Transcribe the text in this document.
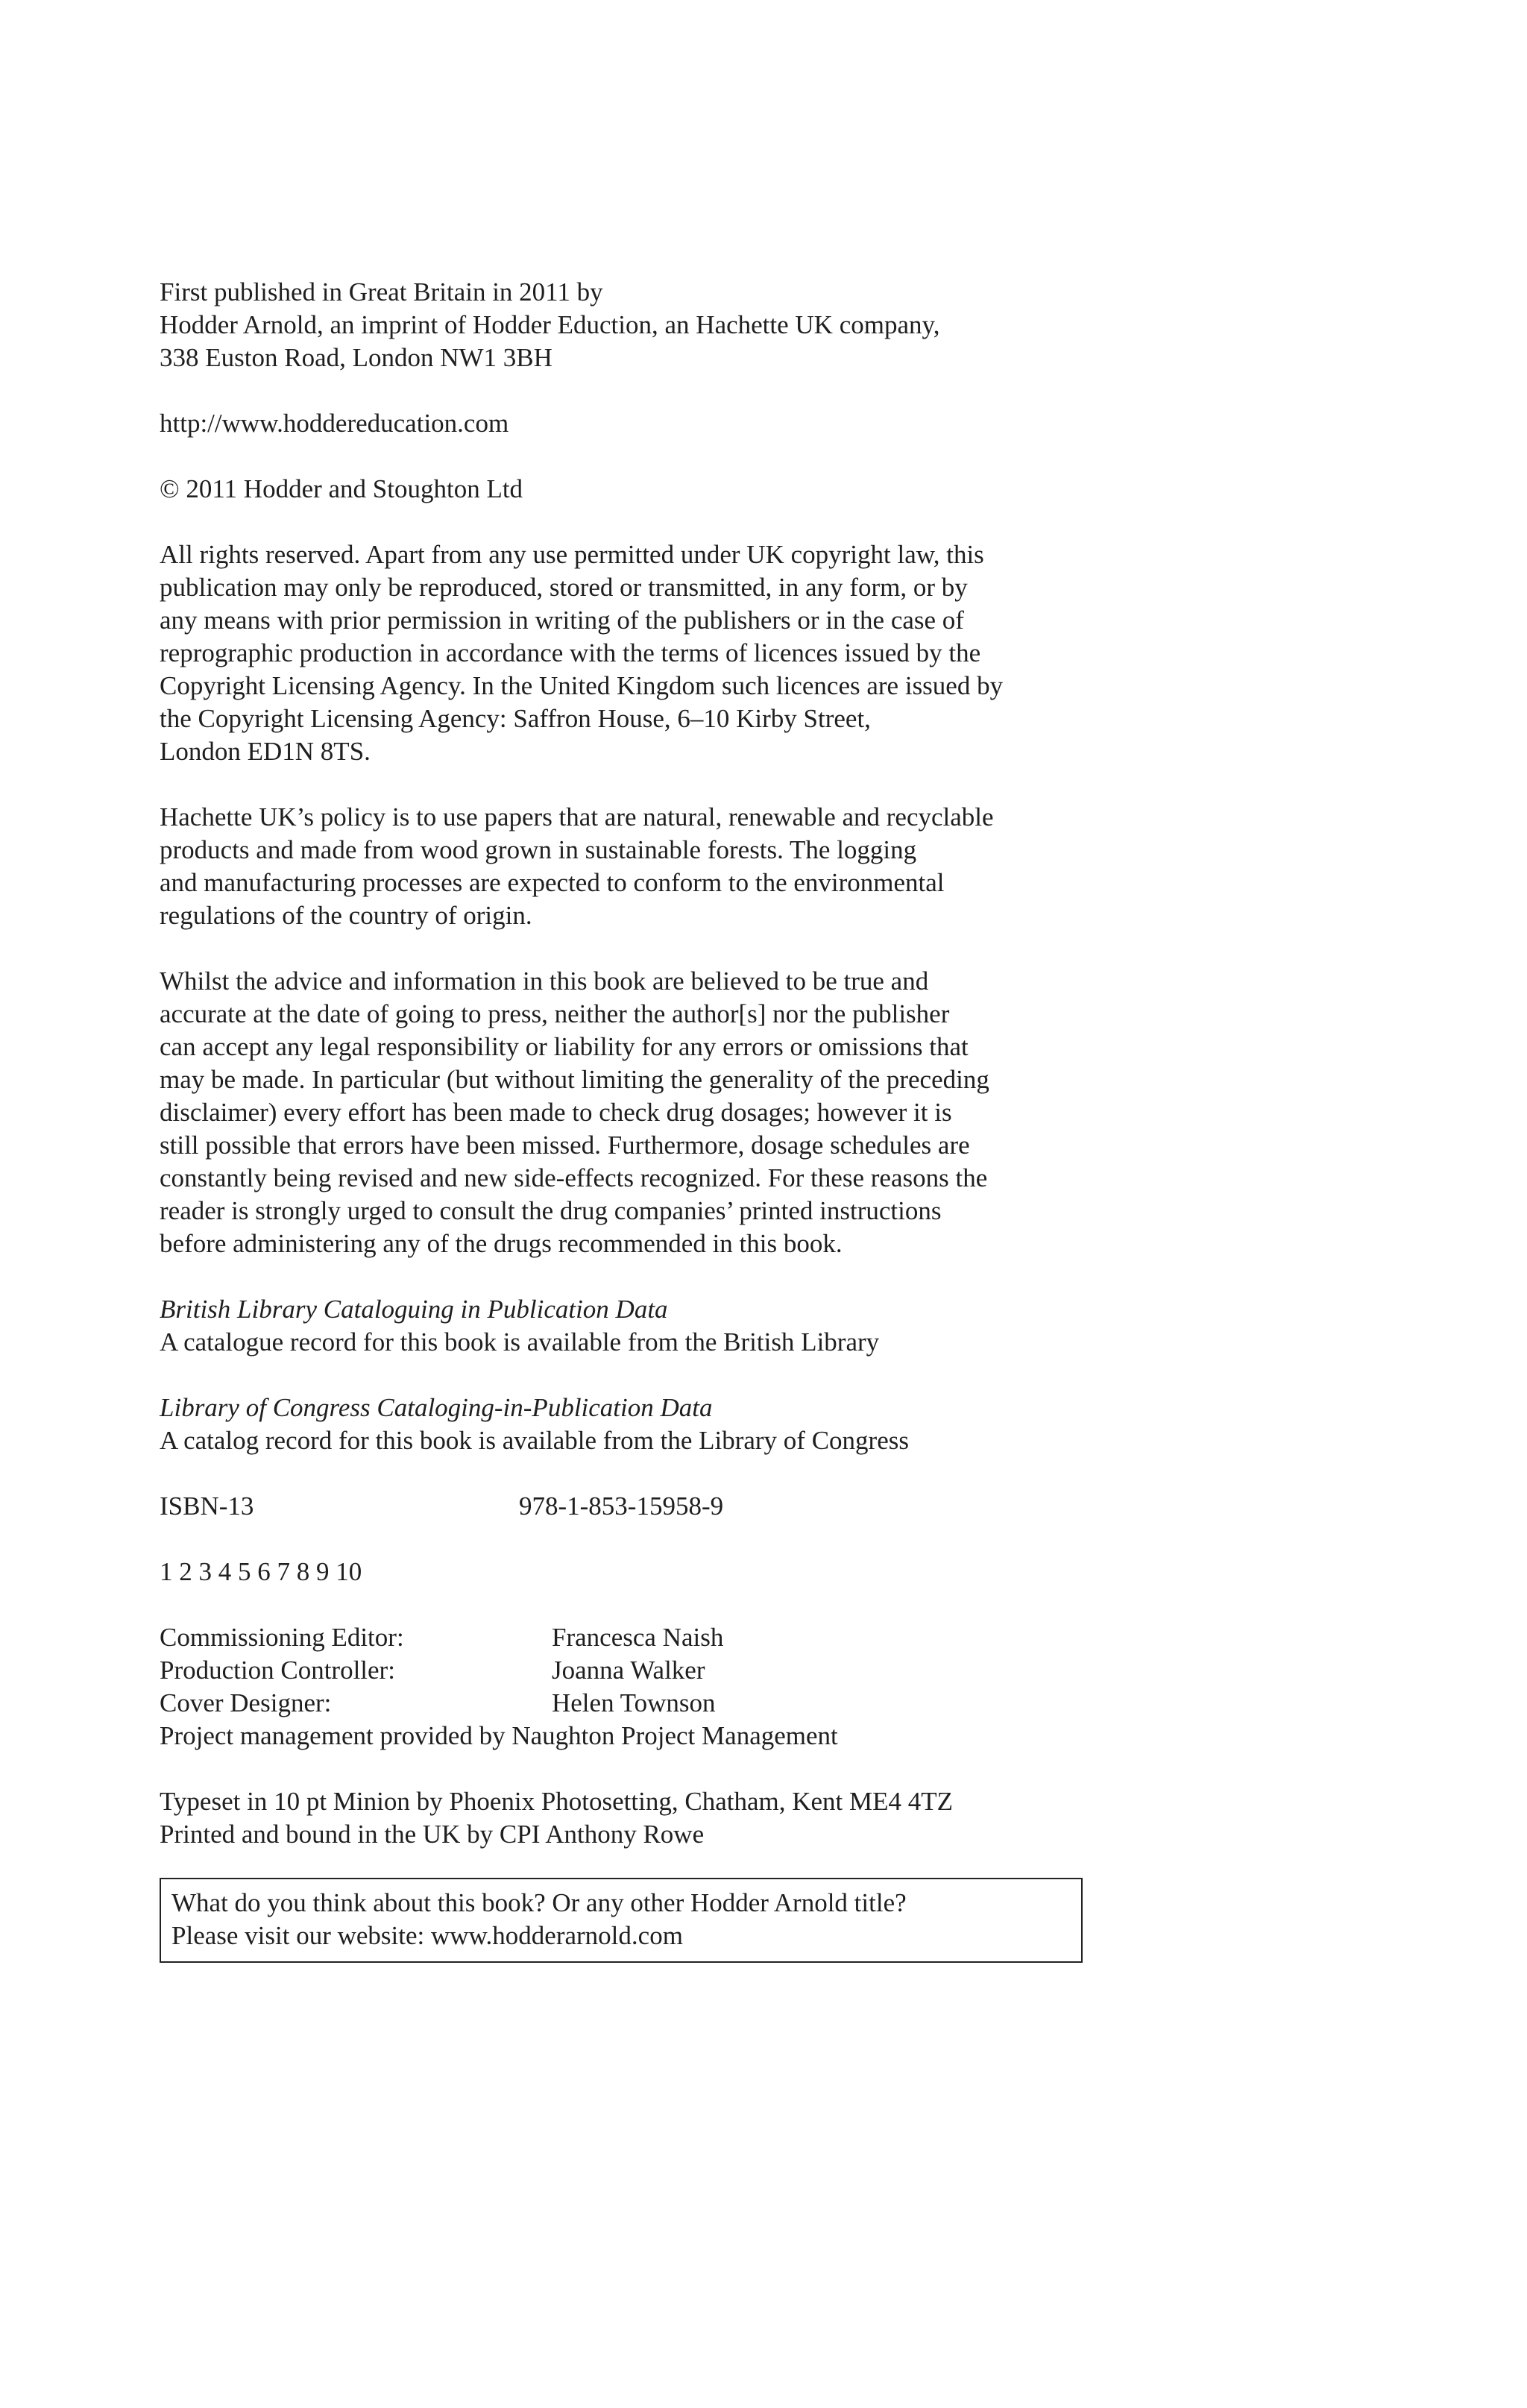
First published in Great Britain in 2011 by
Hodder Arnold, an imprint of Hodder Eduction, an Hachette UK company,
338 Euston Road, London NW1 3BH
http://www.hoddereducation.com
© 2011 Hodder and Stoughton Ltd
All rights reserved. Apart from any use permitted under UK copyright law, this
publication may only be reproduced, stored or transmitted, in any form, or by
any means with prior permission in writing of the publishers or in the case of
reprographic production in accordance with the terms of licences issued by the
Copyright Licensing Agency. In the United Kingdom such licences are issued by
the Copyright Licensing Agency: Saffron House, 6–10 Kirby Street,
London ED1N 8TS.
Hachette UK’s policy is to use papers that are natural, renewable and recyclable
products and made from wood grown in sustainable forests. The logging
and manufacturing processes are expected to conform to the environmental
regulations of the country of origin.
Whilst the advice and information in this book are believed to be true and
accurate at the date of going to press, neither the author[s] nor the publisher
can accept any legal responsibility or liability for any errors or omissions that
may be made. In particular (but without limiting the generality of the preceding
disclaimer) every effort has been made to check drug dosages; however it is
still possible that errors have been missed. Furthermore, dosage schedules are
constantly being revised and new side-effects recognized. For these reasons the
reader is strongly urged to consult the drug companies’ printed instructions
before administering any of the drugs recommended in this book.
British Library Cataloguing in Publication Data
A catalogue record for this book is available from the British Library
Library of Congress Cataloging-in-Publication Data
A catalog record for this book is available from the Library of Congress
ISBN-13	978-1-853-15958-9
1 2 3 4 5 6 7 8 9 10
Commissioning Editor:	Francesca Naish
Production Controller:	Joanna Walker
Cover Designer:	Helen Townson
Project management provided by Naughton Project Management
Typeset in 10 pt Minion by Phoenix Photosetting, Chatham, Kent ME4 4TZ
Printed and bound in the UK by CPI Anthony Rowe
What do you think about this book? Or any other Hodder Arnold title?
Please visit our website: www.hodderarnold.com
